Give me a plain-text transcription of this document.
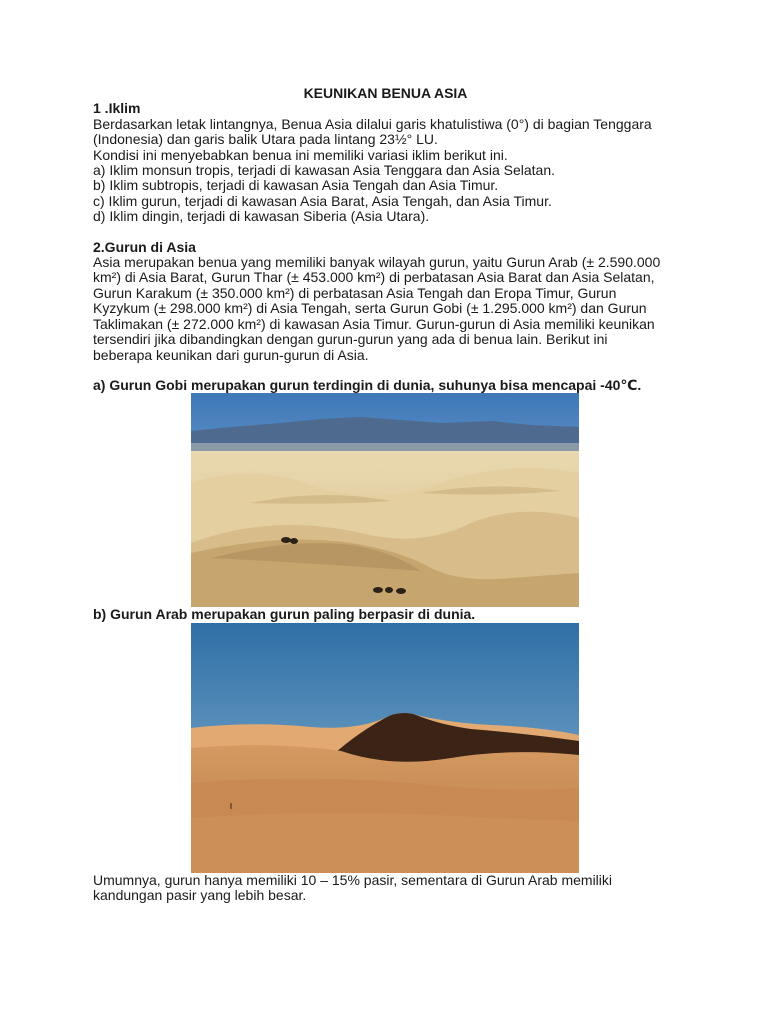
KEUNIKAN BENUA ASIA
1 .Iklim

Berdasarkan letak lintangnya, Benua Asia dilalui garis khatulistiwa (0°) di bagian Tenggara

(Indonesia) dan garis balik Utara pada lintang 23½° LU.

Kondisi ini menyebabkan benua ini memiliki variasi iklim berikut ini.

a) Iklim monsun tropis, terjadi di kawasan Asia Tenggara dan Asia Selatan.

b) Iklim subtropis, terjadi di kawasan Asia Tengah dan Asia Timur.

c) Iklim gurun, terjadi di kawasan Asia Barat, Asia Tengah, dan Asia Timur.

d) Iklim dingin, terjadi di kawasan Siberia (Asia Utara).

2.Gurun di Asia

Asia merupakan benua yang memiliki banyak wilayah gurun, yaitu Gurun Arab (± 2.590.000

km²) di Asia Barat, Gurun Thar (± 453.000 km²) di perbatasan Asia Barat dan Asia Selatan,

Gurun Karakum (± 350.000 km²) di perbatasan Asia Tengah dan Eropa Timur, Gurun

Kyzykum (± 298.000 km²) di Asia Tengah, serta Gurun Gobi (± 1.295.000 km²) dan Gurun

Taklimakan (± 272.000 km²) di kawasan Asia Timur. Gurun-gurun di Asia memiliki keunikan

tersendiri jika dibandingkan dengan gurun-gurun yang ada di benua lain. Berikut ini

beberapa keunikan dari gurun-gurun di Asia.

a) Gurun Gobi merupakan gurun terdingin di dunia, suhunya bisa mencapai -40℃.
b) Gurun Arab merupakan gurun paling berpasir di dunia.

Umumnya, gurun hanya memiliki 10 – 15% pasir, sementara di Gurun Arab memiliki

kandungan pasir yang lebih besar.
